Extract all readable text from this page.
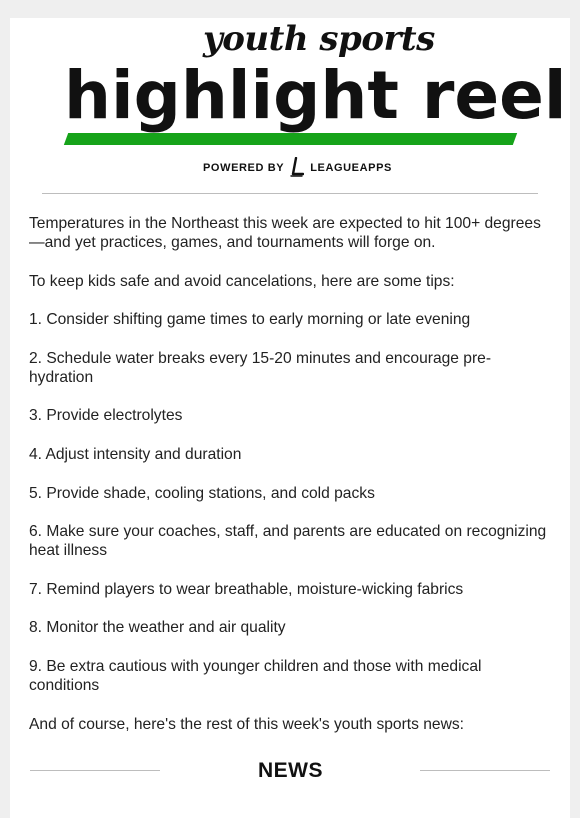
youth sports
highlight reel
POWERED BY LEAGUEAPPS

Temperatures in the Northeast this week are expected to hit 100+ degrees—and yet practices, games, and tournaments will forge on.

To keep kids safe and avoid cancelations, here are some tips:

1. Consider shifting game times to early morning or late evening
2. Schedule water breaks every 15-20 minutes and encourage pre-hydration
3. Provide electrolytes
4. Adjust intensity and duration
5. Provide shade, cooling stations, and cold packs
6. Make sure your coaches, staff, and parents are educated on recognizing heat illness
7. Remind players to wear breathable, moisture-wicking fabrics
8. Monitor the weather and air quality
9. Be extra cautious with younger children and those with medical conditions

And of course, here's the rest of this week's youth sports news:

NEWS
